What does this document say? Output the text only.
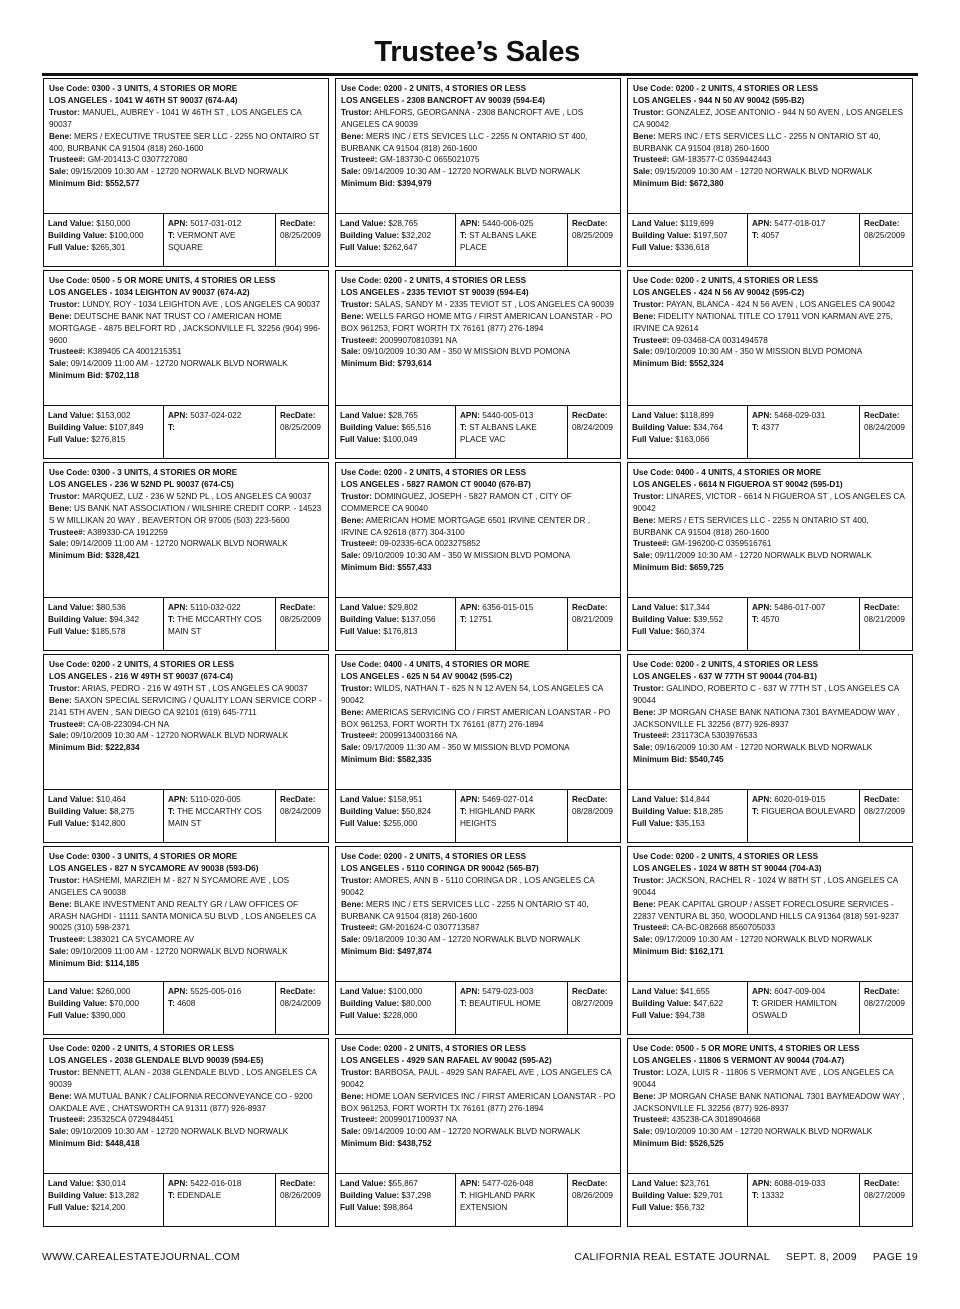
Trustee’s Sales
Use Code: 0300 - 3 UNITS, 4 STORIES OR MORE
LOS ANGELES - 1041 W 46TH ST 90037 (674-A4)
Trustor: MANUEL, AUBREY - 1041 W 46TH ST , LOS ANGELES CA 90037
Bene: MERS / EXECUTIVE TRUSTEE SER LLC - 2255 NO ONTAIRO ST 400, BURBANK CA 91504 (818) 260-1600
Trustee#: GM-201413-C 0307727080
Sale: 09/15/2009 10:30 AM - 12720 NORWALK BLVD NORWALK
Minimum Bid: $552,577
Land Value: $150,000
Building Value: $100,000
Full Value: $265,301
APN: 5017-031-012
T: VERMONT AVE SQUARE
RecDate:
08/25/2009
Use Code: 0200 - 2 UNITS, 4 STORIES OR LESS
LOS ANGELES - 2308 BANCROFT AV 90039 (594-E4)
Trustor: AHLFORS, GEORGANNA - 2308 BANCROFT AVE , LOS ANGELES CA 90039
Bene: MERS INC / ETS SEVICES LLC - 2255 N ONTARIO ST 400, BURBANK CA 91504 (818) 260-1600
Trustee#: GM-183730-C 0655021075
Sale: 09/14/2009 10:30 AM - 12720 NORWALK BLVD NORWALK
Minimum Bid: $394,979
Land Value: $28,765
Building Value: $32,202
Full Value: $262,647
APN: 5440-006-025
T: ST ALBANS LAKE PLACE
RecDate:
08/25/2009
Use Code: 0200 - 2 UNITS, 4 STORIES OR LESS
LOS ANGELES - 944 N 50 AV 90042 (595-B2)
Trustor: GONZALEZ, JOSE ANTONIO - 944 N 50 AVEN , LOS ANGELES CA 90042
Bene: MERS INC / ETS SERVICES LLC - 2255 N ONTARIO ST 40, BURBANK CA 91504 (818) 260-1600
Trustee#: GM-183577-C 0359442443
Sale: 09/15/2009 10:30 AM - 12720 NORWALK BLVD NORWALK
Minimum Bid: $672,380
Land Value: $119,699
Building Value: $197,507
Full Value: $336,618
APN: 5477-018-017
T: 4057
RecDate:
08/25/2009
Use Code: 0500 - 5 OR MORE UNITS, 4 STORIES OR LESS
LOS ANGELES - 1034 LEIGHTON AV 90037 (674-A2)
Trustor: LUNDY, ROY - 1034 LEIGHTON AVE , LOS ANGELES CA 90037
Bene: DEUTSCHE BANK NAT TRUST CO / AMERICAN HOME MORTGAGE - 4875 BELFORT RD , JACKSONVILLE FL 32256 (904) 996-9600
Trustee#: K389405 CA 4001215351
Sale: 09/14/2009 11:00 AM - 12720 NORWALK BLVD NORWALK
Minimum Bid: $702,118
Land Value: $153,002
Building Value: $107,849
Full Value: $276,815
APN: 5037-024-022
T:
RecDate:
08/25/2009
Use Code: 0200 - 2 UNITS, 4 STORIES OR LESS
LOS ANGELES - 2335 TEVIOT ST 90039 (594-E4)
Trustor: SALAS, SANDY M - 2335 TEVIOT ST , LOS ANGELES CA 90039
Bene: WELLS FARGO HOME MTG / FIRST AMERICAN LOANSTAR - PO BOX 961253, FORT WORTH TX 76161 (877) 276-1894
Trustee#: 20099070810391 NA
Sale: 09/10/2009 10:30 AM - 350 W MISSION BLVD POMONA
Minimum Bid: $793,614
Land Value: $28,765
Building Value: $65,516
Full Value: $100,049
APN: 5440-005-013
T: ST ALBANS LAKE PLACE VAC
RecDate:
08/24/2009
Use Code: 0200 - 2 UNITS, 4 STORIES OR LESS
LOS ANGELES - 424 N 56 AV 90042 (595-C2)
Trustor: PAYAN, BLANCA - 424 N 56 AVEN , LOS ANGELES CA 90042
Bene: FIDELITY NATIONAL TITLE CO 17911 VON KARMAN AVE 275, IRVINE CA 92614
Trustee#: 09-03468-CA 0031494578
Sale: 09/10/2009 10:30 AM - 350 W MISSION BLVD POMONA
Minimum Bid: $552,324
Land Value: $118,899
Building Value: $34,764
Full Value: $163,066
APN: 5468-029-031
T: 4377
RecDate:
08/24/2009
Use Code: 0300 - 3 UNITS, 4 STORIES OR MORE
LOS ANGELES - 236 W 52ND PL 90037 (674-C5)
Trustor: MARQUEZ, LUZ - 236 W 52ND PL , LOS ANGELES CA 90037
Bene: US BANK NAT ASSOCIATION / WILSHIRE CREDIT CORP. - 14523 S W MILLIKAN 20 WAY , BEAVERTON OR 97005 (503) 223-5600
Trustee#: A389330-CA 1912259
Sale: 09/14/2009 11:00 AM - 12720 NORWALK BLVD NORWALK
Minimum Bid: $328,421
Land Value: $80,536
Building Value: $94,342
Full Value: $185,578
APN: 5110-032-022
T: THE MCCARTHY COS MAIN ST
RecDate:
08/25/2009
Use Code: 0200 - 2 UNITS, 4 STORIES OR LESS
LOS ANGELES - 5827 RAMON CT 90040 (676-B7)
Trustor: DOMINGUEZ, JOSEPH - 5827 RAMON CT , CITY OF COMMERCE CA 90040
Bene: AMERICAN HOME MORTGAGE 6501 IRVINE CENTER DR , IRVINE CA 92618 (877) 304-3100
Trustee#: 09-02335-6CA 0023275852
Sale: 09/10/2009 10:30 AM - 350 W MISSION BLVD POMONA
Minimum Bid: $557,433
Land Value: $29,802
Building Value: $137,056
Full Value: $176,813
APN: 6356-015-015
T: 12751
RecDate:
08/21/2009
Use Code: 0400 - 4 UNITS, 4 STORIES OR MORE
LOS ANGELES - 6614 N FIGUEROA ST 90042 (595-D1)
Trustor: LINARES, VICTOR - 6614 N FIGUEROA ST , LOS ANGELES CA 90042
Bene: MERS / ETS SERVICES LLC - 2255 N ONTARIO ST 400, BURBANK CA 91504 (818) 260-1600
Trustee#: GM-196200-C 0359516761
Sale: 09/11/2009 10:30 AM - 12720 NORWALK BLVD NORWALK
Minimum Bid: $659,725
Land Value: $17,344
Building Value: $39,552
Full Value: $60,374
APN: 5486-017-007
T: 4570
RecDate:
08/21/2009
Use Code: 0200 - 2 UNITS, 4 STORIES OR LESS
LOS ANGELES - 216 W 49TH ST 90037 (674-C4)
Trustor: ARIAS, PEDRO - 216 W 49TH ST , LOS ANGELES CA 90037
Bene: SAXON SPECIAL SERVICING / QUALITY LOAN SERVICE CORP - 2141 5TH AVEN , SAN DIEGO CA 92101 (619) 645-7711
Trustee#: CA-08-223094-CH NA
Sale: 09/10/2009 10:30 AM - 12720 NORWALK BLVD NORWALK
Minimum Bid: $222,834
Land Value: $10,464
Building Value: $8,275
Full Value: $142,800
APN: 5110-020-005
T: THE MCCARTHY COS MAIN ST
RecDate:
08/24/2009
Use Code: 0400 - 4 UNITS, 4 STORIES OR MORE
LOS ANGELES - 625 N 54 AV 90042 (595-C2)
Trustor: WILDS, NATHAN T - 625 N N 12 AVEN 54, LOS ANGELES CA 90042
Bene: AMERICAS SERVICING CO / FIRST AMERICAN LOANSTAR - PO BOX 961253, FORT WORTH TX 76161 (877) 276-1894
Trustee#: 20099134003166 NA
Sale: 09/17/2009 11:30 AM - 350 W MISSION BLVD POMONA
Minimum Bid: $582,335
Land Value: $158,951
Building Value: $50,824
Full Value: $255,000
APN: 5469-027-014
T: HIGHLAND PARK HEIGHTS
RecDate:
08/28/2009
Use Code: 0200 - 2 UNITS, 4 STORIES OR LESS
LOS ANGELES - 637 W 77TH ST 90044 (704-B1)
Trustor: GALINDO, ROBERTO C - 637 W 77TH ST , LOS ANGELES CA 90044
Bene: JP MORGAN CHASE BANK NATIONA 7301 BAYMEADOW WAY , JACKSONVILLE FL 32256 (877) 926-8937
Trustee#: 231173CA 5303976533
Sale: 09/16/2009 10:30 AM - 12720 NORWALK BLVD NORWALK
Minimum Bid: $540,745
Land Value: $14,844
Building Value: $18,285
Full Value: $35,153
APN: 6020-019-015
T: FIGUEROA BOULEVARD
RecDate:
08/27/2009
Use Code: 0300 - 3 UNITS, 4 STORIES OR MORE
LOS ANGELES - 827 N SYCAMORE AV 90038 (593-D6)
Trustor: HASHEMI, MARZIEH M - 827 N SYCAMORE AVE , LOS ANGELES CA 90038
Bene: BLAKE INVESTMENT AND REALTY GR / LAW OFFICES OF ARASH NAGHDI - 11111 SANTA MONICA SU BLVD , LOS ANGELES CA 90025 (310) 598-2371
Trustee#: L383021 CA SYCAMORE AV
Sale: 09/10/2009 11:00 AM - 12720 NORWALK BLVD NORWALK
Minimum Bid: $114,185
Land Value: $260,000
Building Value: $70,000
Full Value: $390,000
APN: 5525-005-016
T: 4608
RecDate:
08/24/2009
Use Code: 0200 - 2 UNITS, 4 STORIES OR LESS
LOS ANGELES - 5110 CORINGA DR 90042 (565-B7)
Trustor: AMORES, ANN B - 5110 CORINGA DR , LOS ANGELES CA 90042
Bene: MERS INC / ETS SERVICES LLC - 2255 N ONTARIO ST 40, BURBANK CA 91504 (818) 260-1600
Trustee#: GM-201624-C 0307713587
Sale: 09/18/2009 10:30 AM - 12720 NORWALK BLVD NORWALK
Minimum Bid: $497,874
Land Value: $100,000
Building Value: $80,000
Full Value: $228,000
APN: 5479-023-003
T: BEAUTIFUL HOME
RecDate:
08/27/2009
Use Code: 0200 - 2 UNITS, 4 STORIES OR LESS
LOS ANGELES - 1024 W 88TH ST 90044 (704-A3)
Trustor: JACKSON, RACHEL R - 1024 W 88TH ST , LOS ANGELES CA 90044
Bene: PEAK CAPITAL GROUP / ASSET FORECLOSURE SERVICES - 22837 VENTURA BL 350, WOODLAND HILLS CA 91364 (818) 591-9237
Trustee#: CA-BC-082668 8560705033
Sale: 09/17/2009 10:30 AM - 12720 NORWALK BLVD NORWALK
Minimum Bid: $162,171
Land Value: $41,655
Building Value: $47,622
Full Value: $94,738
APN: 6047-009-004
T: GRIDER HAMILTON OSWALD
RecDate:
08/27/2009
Use Code: 0200 - 2 UNITS, 4 STORIES OR LESS
LOS ANGELES - 2038 GLENDALE BLVD 90039 (594-E5)
Trustor: BENNETT, ALAN - 2038 GLENDALE BLVD , LOS ANGELES CA 90039
Bene: WA MUTUAL BANK / CALIFORNIA RECONVEYANCE CO - 9200 OAKDALE AVE , CHATSWORTH CA 91311 (877) 926-8937
Trustee#: 235325CA 0729484451
Sale: 09/10/2009 10:30 AM - 12720 NORWALK BLVD NORWALK
Minimum Bid: $448,418
Land Value: $30,014
Building Value: $13,282
Full Value: $214,200
APN: 5422-016-018
T: EDENDALE
RecDate:
08/26/2009
Use Code: 0200 - 2 UNITS, 4 STORIES OR LESS
LOS ANGELES - 4929 SAN RAFAEL AV 90042 (595-A2)
Trustor: BARBOSA, PAUL - 4929 SAN RAFAEL AVE , LOS ANGELES CA 90042
Bene: HOME LOAN SERVICES INC / FIRST AMERICAN LOANSTAR - PO BOX 961253, FORT WORTH TX 76161 (877) 276-1894
Trustee#: 20099017100937 NA
Sale: 09/14/2009 10:00 AM - 12720 NORWALK BLVD NORWALK
Minimum Bid: $438,752
Land Value: $55,867
Building Value: $37,298
Full Value: $98,864
APN: 5477-026-048
T: HIGHLAND PARK EXTENSION
RecDate:
08/26/2009
Use Code: 0500 - 5 OR MORE UNITS, 4 STORIES OR LESS
LOS ANGELES - 11806 S VERMONT AV 90044 (704-A7)
Trustor: LOZA, LUIS R - 11806 S VERMONT AVE , LOS ANGELES CA 90044
Bene: JP MORGAN CHASE BANK NATIONAL 7301 BAYMEADOW WAY , JACKSONVILLE FL 32256 (877) 926-8937
Trustee#: 435238-CA 3018904668
Sale: 09/10/2009 10:30 AM - 12720 NORWALK BLVD NORWALK
Minimum Bid: $526,525
Land Value: $23,761
Building Value: $29,701
Full Value: $56,732
APN: 6088-019-033
T: 13332
RecDate:
08/27/2009
WWW.CAREALESTATEJOURNAL.COM	CALIFORNIA REAL ESTATE JOURNAL SEPT. 8, 2009 PAGE 19
